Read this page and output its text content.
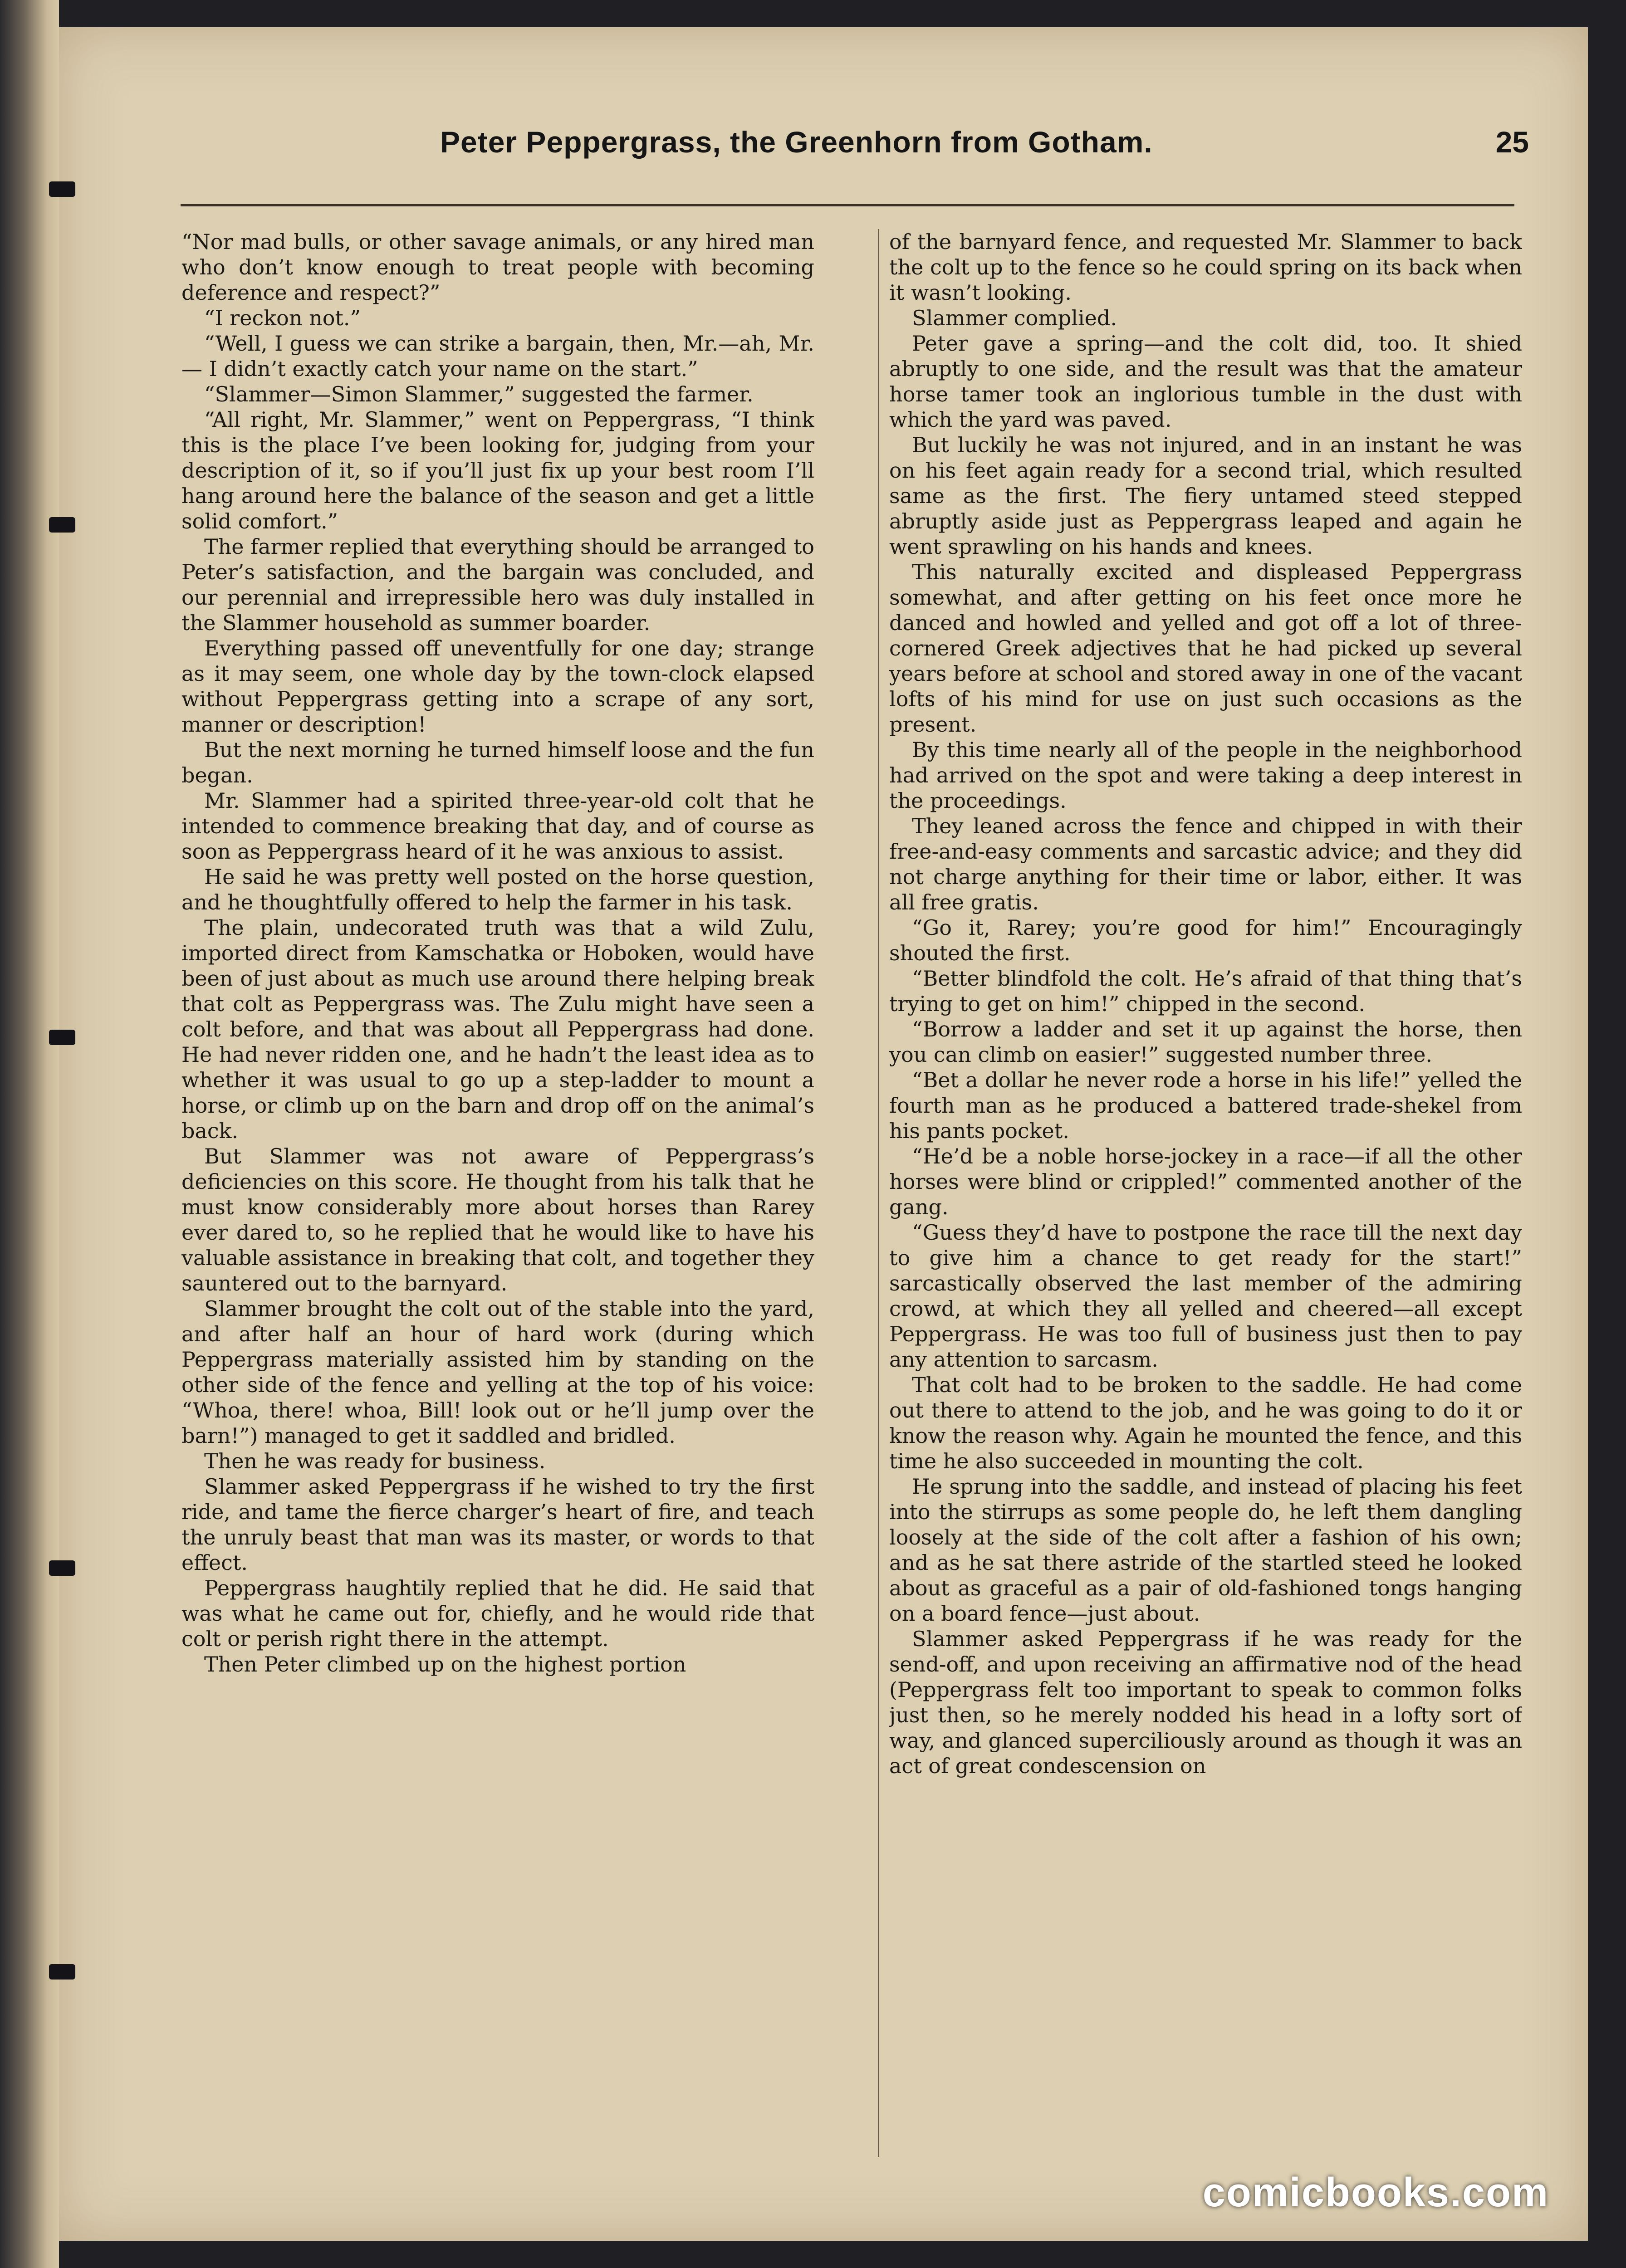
Peter Peppergrass, the Greenhorn from Gotham.	25

“Nor mad bulls, or other savage animals, or any hired man who don’t know enough to treat people with becoming deference and respect?”

“I reckon not.”

“Well, I guess we can strike a bargain, then, Mr.—ah, Mr.— I didn’t exactly catch your name on the start.”

“Slammer—Simon Slammer,” suggested the farmer.

“All right, Mr. Slammer,” went on Peppergrass, “I think this is the place I’ve been looking for, judging from your description of it, so if you’ll just fix up your best room I’ll hang around here the balance of the season and get a little solid comfort.”

The farmer replied that everything should be arranged to Peter’s satisfaction, and the bargain was concluded, and our perennial and irrepressible hero was duly installed in the Slammer household as summer boarder.

Everything passed off uneventfully for one day; strange as it may seem, one whole day by the town-clock elapsed without Peppergrass getting into a scrape of any sort, manner or description!

But the next morning he turned himself loose and the fun began.

Mr. Slammer had a spirited three-year-old colt that he intended to commence breaking that day, and of course as soon as Peppergrass heard of it he was anxious to assist.

He said he was pretty well posted on the horse question, and he thoughtfully offered to help the farmer in his task.

The plain, undecorated truth was that a wild Zulu, imported direct from Kamschatka or Hoboken, would have been of just about as much use around there helping break that colt as Peppergrass was. The Zulu might have seen a colt before, and that was about all Peppergrass had done. He had never ridden one, and he hadn’t the least idea as to whether it was usual to go up a step-ladder to mount a horse, or climb up on the barn and drop off on the animal’s back.

But Slammer was not aware of Peppergrass’s deficiencies on this score. He thought from his talk that he must know considerably more about horses than Rarey ever dared to, so he replied that he would like to have his valuable assistance in breaking that colt, and together they sauntered out to the barnyard.

Slammer brought the colt out of the stable into the yard, and after half an hour of hard work (during which Peppergrass materially assisted him by standing on the other side of the fence and yelling at the top of his voice: “Whoa, there! whoa, Bill! look out or he’ll jump over the barn!”) managed to get it saddled and bridled.

Then he was ready for business.

Slammer asked Peppergrass if he wished to try the first ride, and tame the fierce charger’s heart of fire, and teach the unruly beast that man was its master, or words to that effect.

Peppergrass haughtily replied that he did. He said that was what he came out for, chiefly, and he would ride that colt or perish right there in the attempt.

Then Peter climbed up on the highest portion

of the barnyard fence, and requested Mr. Slammer to back the colt up to the fence so he could spring on its back when it wasn’t looking.

Slammer complied.

Peter gave a spring—and the colt did, too. It shied abruptly to one side, and the result was that the amateur horse tamer took an inglorious tumble in the dust with which the yard was paved.

But luckily he was not injured, and in an instant he was on his feet again ready for a second trial, which resulted same as the first. The fiery untamed steed stepped abruptly aside just as Peppergrass leaped and again he went sprawling on his hands and knees.

This naturally excited and displeased Peppergrass somewhat, and after getting on his feet once more he danced and howled and yelled and got off a lot of three-cornered Greek adjectives that he had picked up several years before at school and stored away in one of the vacant lofts of his mind for use on just such occasions as the present.

By this time nearly all of the people in the neighborhood had arrived on the spot and were taking a deep interest in the proceedings.

They leaned across the fence and chipped in with their free-and-easy comments and sarcastic advice; and they did not charge anything for their time or labor, either. It was all free gratis.

“Go it, Rarey; you’re good for him!” Encouragingly shouted the first.

“Better blindfold the colt. He’s afraid of that thing that’s trying to get on him!” chipped in the second.

“Borrow a ladder and set it up against the horse, then you can climb on easier!” suggested number three.

“Bet a dollar he never rode a horse in his life!” yelled the fourth man as he produced a battered trade-shekel from his pants pocket.

“He’d be a noble horse-jockey in a race—if all the other horses were blind or crippled!” commented another of the gang.

“Guess they’d have to postpone the race till the next day to give him a chance to get ready for the start!” sarcastically observed the last member of the admiring crowd, at which they all yelled and cheered—all except Peppergrass. He was too full of business just then to pay any attention to sarcasm.

That colt had to be broken to the saddle. He had come out there to attend to the job, and he was going to do it or know the reason why. Again he mounted the fence, and this time he also succeeded in mounting the colt.

He sprung into the saddle, and instead of placing his feet into the stirrups as some people do, he left them dangling loosely at the side of the colt after a fashion of his own; and as he sat there astride of the startled steed he looked about as graceful as a pair of old-fashioned tongs hanging on a board fence—just about.

Slammer asked Peppergrass if he was ready for the send-off, and upon receiving an affirmative nod of the head (Peppergrass felt too important to speak to common folks just then, so he merely nodded his head in a lofty sort of way, and glanced superciliously around as though it was an act of great condescension on

comicbooks.com
